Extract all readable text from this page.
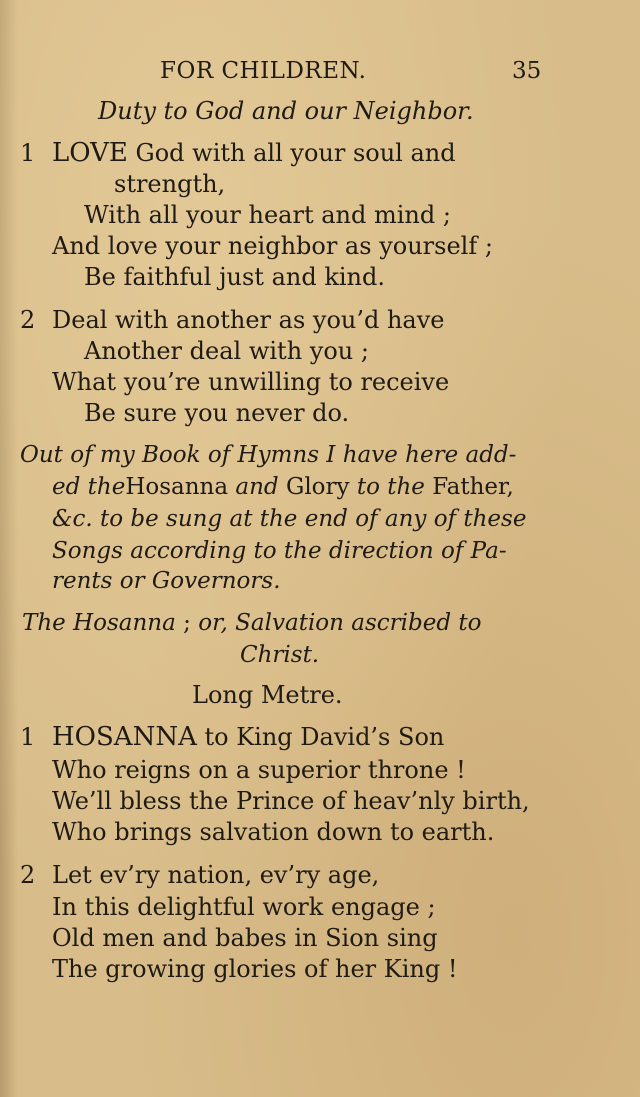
FOR CHILDREN.	35
Duty to God and our Neighbor.
1 LOVE God with all your soul and
strength,
With all your heart and mind ;
And love your neighbor as yourself ;
Be faithful just and kind.
2 Deal with another as you’d have
Another deal with you ;
What you’re unwilling to receive
Be sure you never do.
Out of my Book of Hymns I have here add-
ed theHosanna and Glory to the Father,
&c. to be sung at the end of any of these
Songs according to the direction of Pa-
rents or Governors.
The Hosanna ; or, Salvation ascribed to
Christ.
Long Metre.
1 HOSANNA to King David’s Son
Who reigns on a superior throne !
We’ll bless the Prince of heav’nly birth,
Who brings salvation down to earth.
2 Let ev’ry nation, ev’ry age,
In this delightful work engage ;
Old men and babes in Sion sing
The growing glories of her King !
